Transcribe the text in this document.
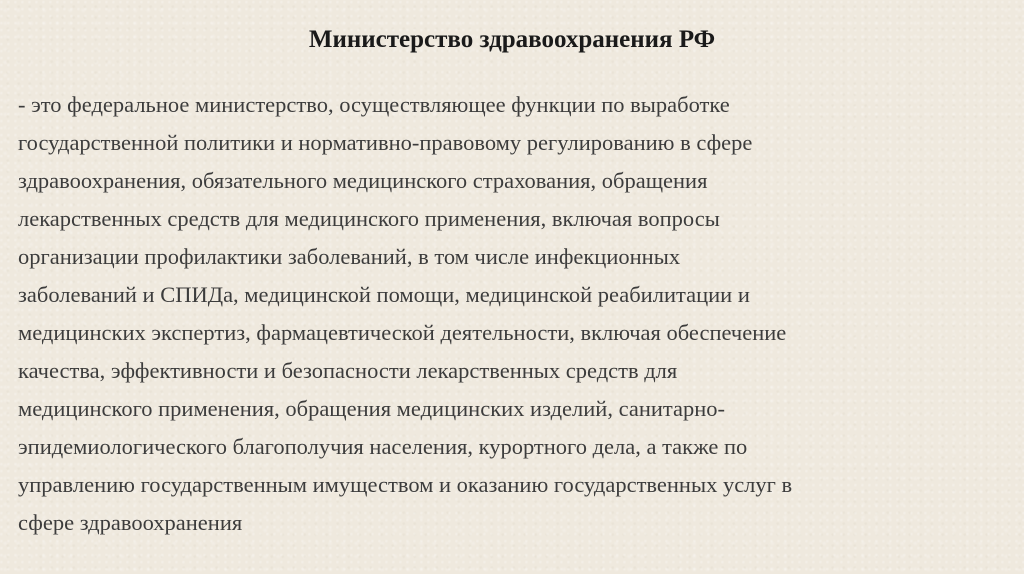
Министерство здравоохранения РФ
- это федеральное министерство, осуществляющее функции по выработке
государственной политики и нормативно-правовому регулированию в сфере
здравоохранения, обязательного медицинского страхования, обращения
лекарственных средств для медицинского применения, включая вопросы
организации профилактики заболеваний, в том числе инфекционных
заболеваний и СПИДа, медицинской помощи, медицинской реабилитации и
медицинских экспертиз, фармацевтической деятельности, включая обеспечение
качества, эффективности и безопасности лекарственных средств для
медицинского применения, обращения медицинских изделий, санитарно-
эпидемиологического благополучия населения, курортного дела, а также по
управлению государственным имуществом и оказанию государственных услуг в
сфере здравоохранения
